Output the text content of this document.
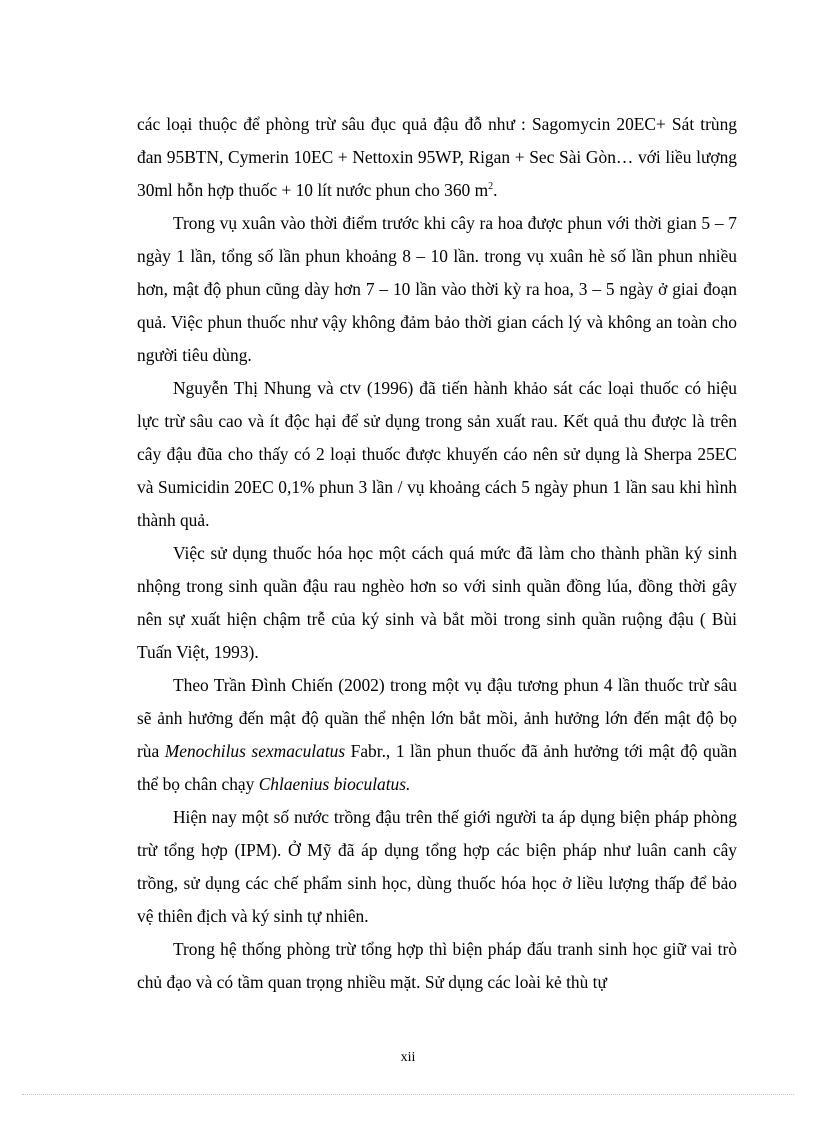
các loại thuộc để phòng trừ sâu đục quả đậu đỗ như : Sagomycin 20EC+ Sát trùng đan 95BTN, Cymerin 10EC + Nettoxin 95WP, Rigan + Sec Sài Gòn… với liều lượng 30ml hỗn hợp thuốc + 10 lít nước phun cho 360 $m^2$.

Trong vụ xuân vào thời điểm trước khi cây ra hoa được phun với thời gian 5 – 7 ngày 1 lần, tổng số lần phun khoảng 8 – 10 lần. trong vụ xuân hè số lần phun nhiều hơn, mật độ phun cũng dày hơn 7 – 10 lần vào thời kỳ ra hoa, 3 – 5 ngày ở giai đoạn quả. Việc phun thuốc như vậy không đảm bảo thời gian cách lý và không an toàn cho người tiêu dùng.

Nguyễn Thị Nhung và ctv (1996) đã tiến hành khảo sát các loại thuốc có hiệu lực trừ sâu cao và ít độc hại để sử dụng trong sản xuất rau. Kết quả thu được là trên cây đậu đũa cho thấy có 2 loại thuốc được khuyến cáo nên sử dụng là Sherpa 25EC và Sumicidin 20EC 0,1% phun 3 lần / vụ khoảng cách 5 ngày phun 1 lần sau khi hình thành quả.

Việc sử dụng thuốc hóa học một cách quá mức đã làm cho thành phần ký sinh nhộng trong sinh quần đậu rau nghèo hơn so với sinh quần đồng lúa, đồng thời gây nên sự xuất hiện chậm trễ của ký sinh và bắt mồi trong sinh quần ruộng đậu ( Bùi Tuấn Việt, 1993).

Theo Trần Đình Chiến (2002) trong một vụ đậu tương phun 4 lần thuốc trừ sâu sẽ ảnh hưởng đến mật độ quần thể nhện lớn bắt mồi, ảnh hưởng lớn đến mật độ bọ rùa Menochilus sexmaculatus Fabr., 1 lần phun thuốc đã ảnh hưởng tới mật độ quần thể bọ chân chạy Chlaenius bioculatus.

Hiện nay một số nước trồng đậu trên thế giới người ta áp dụng biện pháp phòng trừ tổng hợp (IPM). Ở Mỹ đã áp dụng tổng hợp các biện pháp như luân canh cây trồng, sử dụng các chế phẩm sinh học, dùng thuốc hóa học ở liều lượng thấp để bảo vệ thiên địch và ký sinh tự nhiên.

Trong hệ thống phòng trừ tổng hợp thì biện pháp đấu tranh sinh học giữ vai trò chủ đạo và có tầm quan trọng nhiều mặt. Sử dụng các loài kẻ thù tự

xii
